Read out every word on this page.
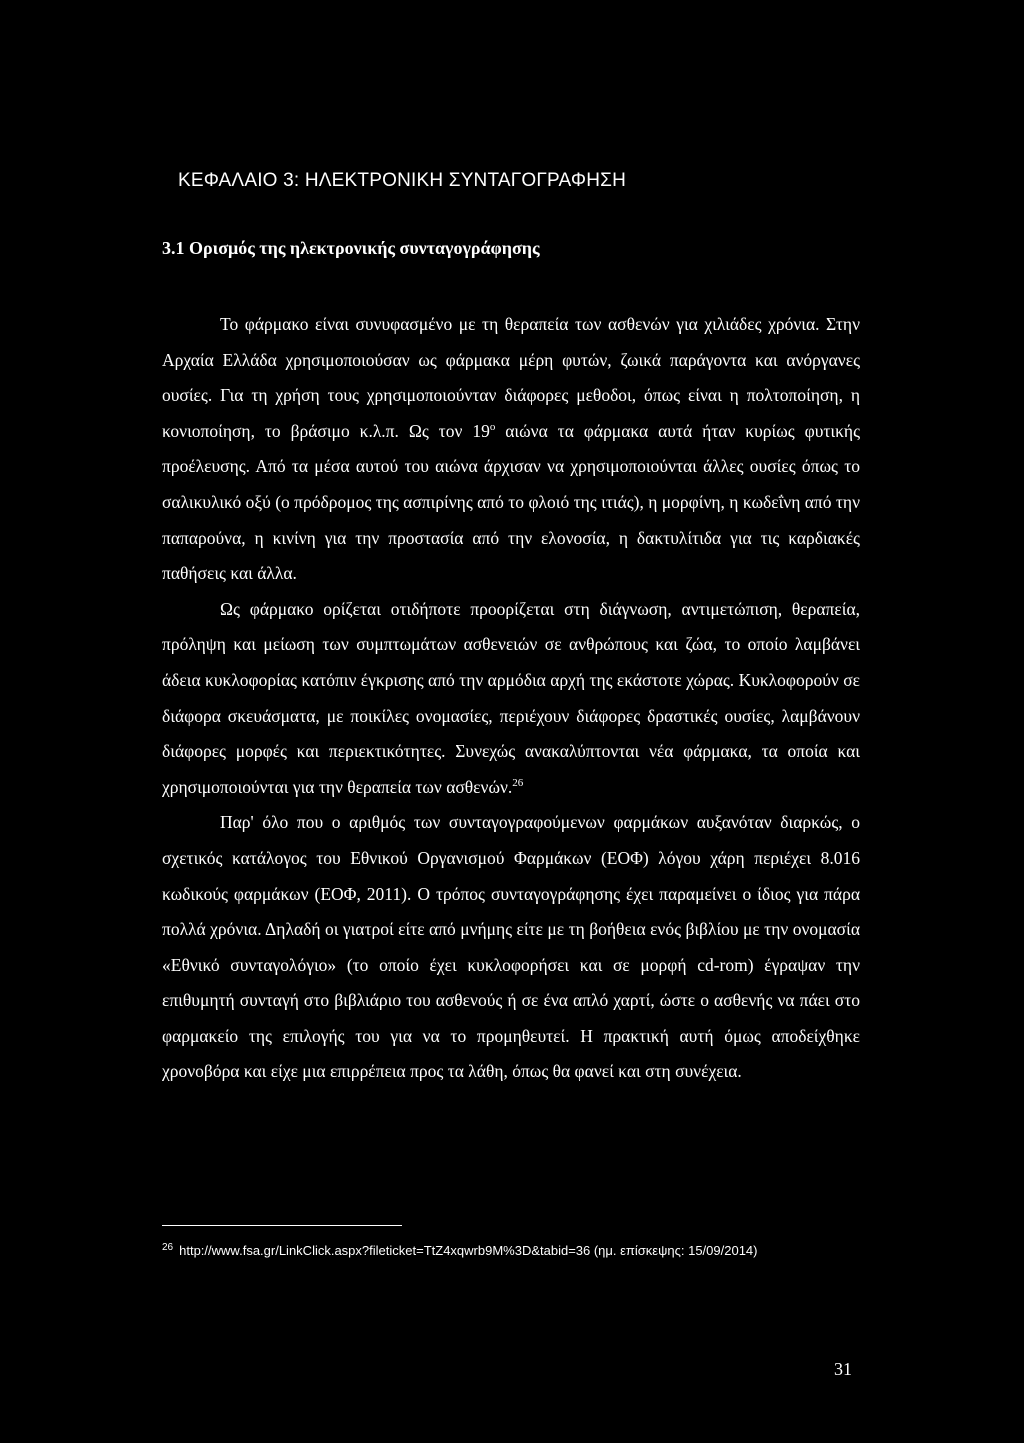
ΚΕΦΑΛΑΙΟ 3: ΗΛΕΚΤΡΟΝΙΚΗ ΣΥΝΤΑΓΟΓΡΑΦΗΣΗ
3.1 Ορισμός της ηλεκτρονικής συνταγογράφησης

Το φάρμακο είναι συνυφασμένο με τη θεραπεία των ασθενών για χιλιάδες χρόνια. Στην Αρχαία Ελλάδα χρησιμοποιούσαν ως φάρμακα μέρη φυτών, ζωικά παράγοντα και ανόργανες ουσίες. Για τη χρήση τους χρησιμοποιούνταν διάφορες μεθοδοι, όπως είναι η πολτοποίηση, η κονιοποίηση, το βράσιμο κ.λ.π. Ως τον $19^o$ αιώνα τα φάρμακα αυτά ήταν κυρίως φυτικής προέλευσης. Από τα μέσα αυτού του αιώνα άρχισαν να χρησιμοποιούνται άλλες ουσίες όπως το σαλικυλικό οξύ (ο πρόδρομος της ασπιρίνης από το φλοιό της ιτιάς), η μορφίνη, η κωδεΐνη από την παπαρούνα, η κινίνη για την προστασία από την ελονοσία, η δακτυλίτιδα για τις καρδιακές παθήσεις και άλλα.

Ως φάρμακο ορίζεται οτιδήποτε προορίζεται στη διάγνωση, αντιμετώπιση, θεραπεία, πρόληψη και μείωση των συμπτωμάτων ασθενειών σε ανθρώπους και ζώα, το οποίο λαμβάνει άδεια κυκλοφορίας κατόπιν έγκρισης από την αρμόδια αρχή της εκάστοτε χώρας. Κυκλοφορούν σε διάφορα σκευάσματα, με ποικίλες ονομασίες, περιέχουν διάφορες δραστικές ουσίες, λαμβάνουν διάφορες μορφές και περιεκτικότητες. Συνεχώς ανακαλύπτονται νέα φάρμακα, τα οποία και χρησιμοποιούνται για την θεραπεία των ασθενών.$^{26}$

Παρ' όλο που ο αριθμός των συνταγογραφούμενων φαρμάκων αυξανόταν διαρκώς, ο σχετικός κατάλογος του Εθνικού Οργανισμού Φαρμάκων (ΕΟΦ) λόγου χάρη περιέχει 8.016 κωδικούς φαρμάκων (ΕΟΦ, 2011). Ο τρόπος συνταγογράφησης έχει παραμείνει ο ίδιος για πάρα πολλά χρόνια. Δηλαδή οι γιατροί είτε από μνήμης είτε με τη βοήθεια ενός βιβλίου με την ονομασία «Εθνικό συνταγολόγιο» (το οποίο έχει κυκλοφορήσει και σε μορφή cd-rom) έγραψαν την επιθυμητή συνταγή στο βιβλιάριο του ασθενούς ή σε ένα απλό χαρτί, ώστε ο ασθενής να πάει στο φαρμακείο της επιλογής του για να το προμηθευτεί. Η πρακτική αυτή όμως αποδείχθηκε χρονοβόρα και είχε μια επιρρέπεια προς τα λάθη, όπως θα φανεί και στη συνέχεια.

$^{26}$ http://www.fsa.gr/LinkClick.aspx?fileticket=TtZ4xqwrb9M%3D&tabid=36 (ημ. επίσκεψης: 15/09/2014)
31
